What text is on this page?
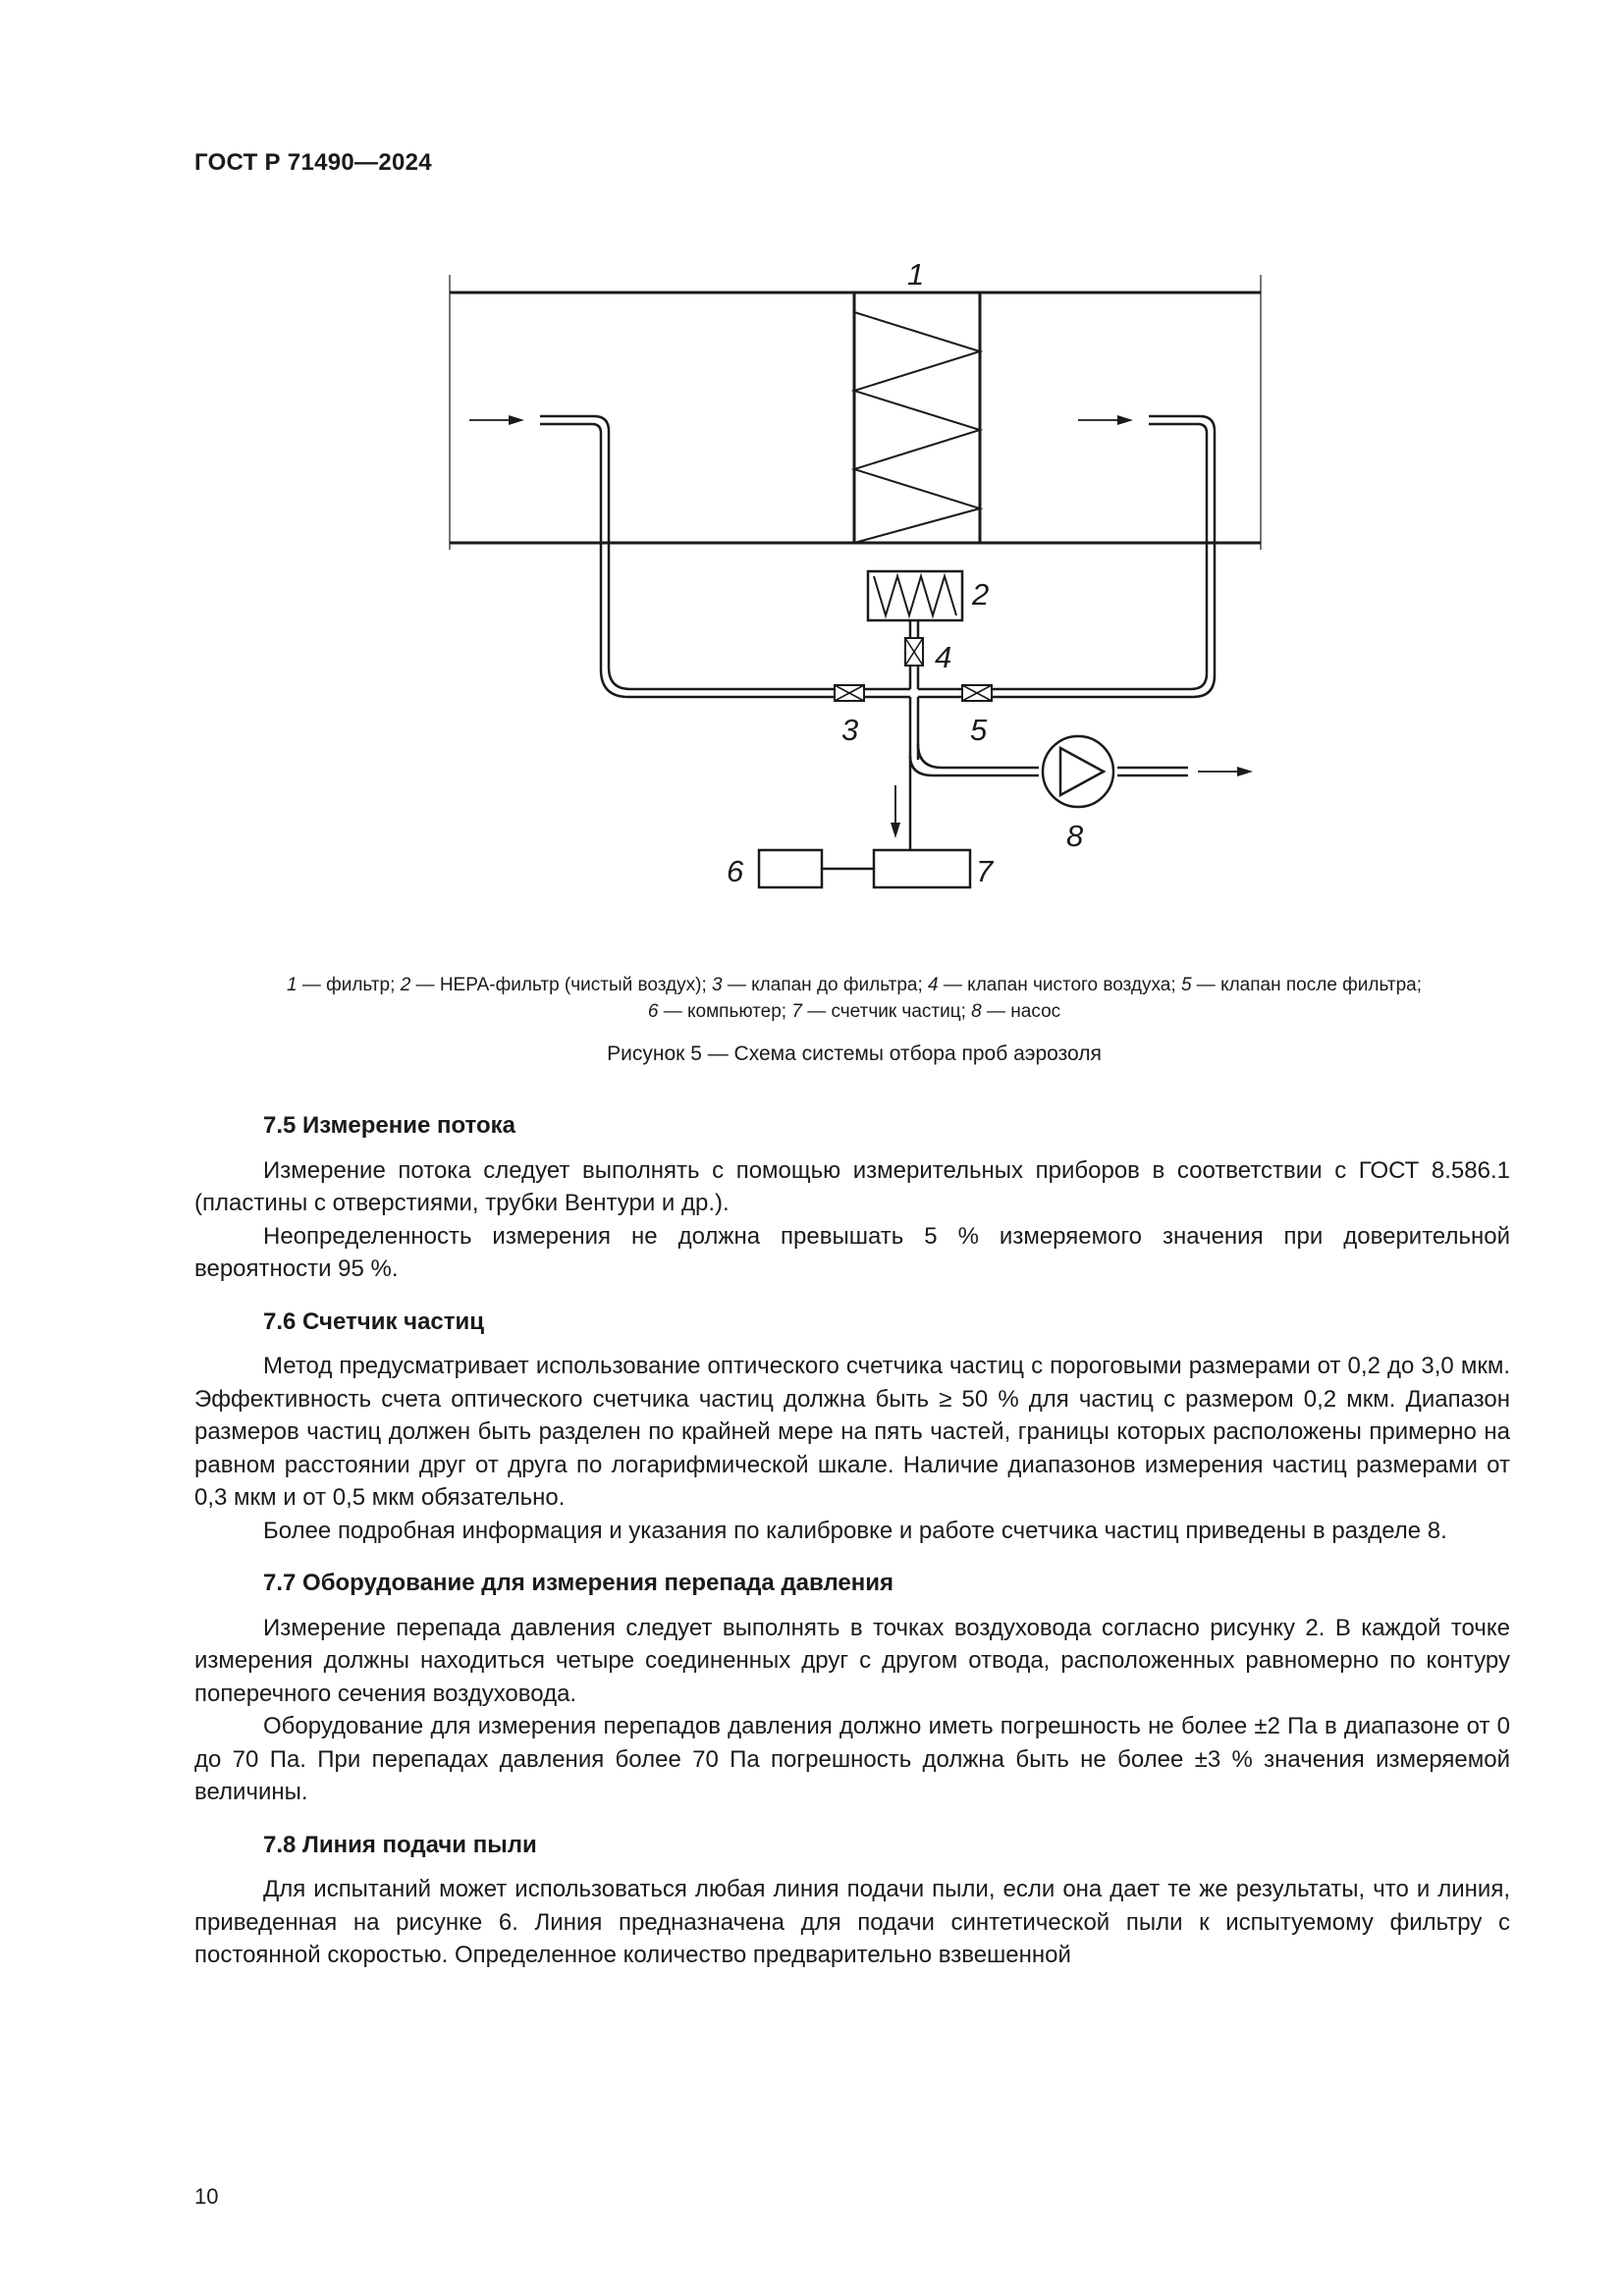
ГОСТ Р 71490—2024
1
2
3
4
5
6	7
8
1 — фильтр; 2 — НЕРА-фильтр (чистый воздух); 3 — клапан до фильтра; 4 — клапан чистого воздуха; 5 — клапан после фильтра;
6 — компьютер; 7 — счетчик частиц; 8 — насос
Рисунок 5 — Схема системы отбора проб аэрозоля
7.5 Измерение потока

Измерение потока следует выполнять с помощью измерительных приборов в соответствии с ГОСТ 8.586.1 (пластины с отверстиями, трубки Вентури и др.).

Неопределенность измерения не должна превышать 5 % измеряемого значения при доверительной вероятности 95 %.

7.6 Счетчик частиц

Метод предусматривает использование оптического счетчика частиц с пороговыми размерами от 0,2 до 3,0 мкм. Эффективность счета оптического счетчика частиц должна быть ≥ 50 % для частиц с размером 0,2 мкм. Диапазон размеров частиц должен быть разделен по крайней мере на пять частей, границы которых расположены примерно на равном расстоянии друг от друга по логарифмической шкале. Наличие диапазонов измерения частиц размерами от 0,3 мкм и от 0,5 мкм обязательно.

Более подробная информация и указания по калибровке и работе счетчика частиц приведены в разделе 8.

7.7 Оборудование для измерения перепада давления

Измерение перепада давления следует выполнять в точках воздуховода согласно рисунку 2. В каждой точке измерения должны находиться четыре соединенных друг с другом отвода, расположенных равномерно по контуру поперечного сечения воздуховода.

Оборудование для измерения перепадов давления должно иметь погрешность не более ±2 Па в диапазоне от 0 до 70 Па. При перепадах давления более 70 Па погрешность должна быть не более ±3 % значения измеряемой величины.

7.8 Линия подачи пыли

Для испытаний может использоваться любая линия подачи пыли, если она дает те же результаты, что и линия, приведенная на рисунке 6. Линия предназначена для подачи синтетической пыли к испытуемому фильтру с постоянной скоростью. Определенное количество предварительно взвешенной

10
